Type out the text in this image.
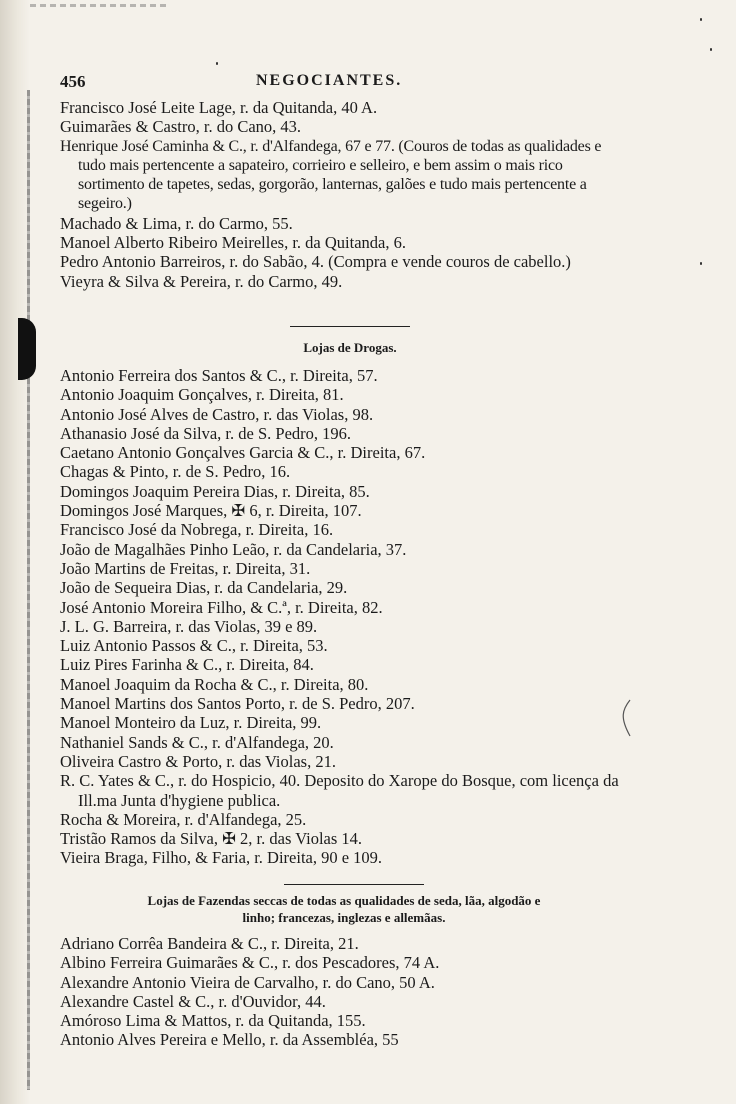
456	NEGOCIANTES.
Francisco José Leite Lage, r. da Quitanda, 40 A.
Guimarães & Castro, r. do Cano, 43.
Henrique José Caminha & C., r. d'Alfandega, 67 e 77. (Couros de todas as qualidades e tudo mais pertencente a sapateiro, corrieiro e selleiro, e bem assim o mais rico sortimento de tapetes, sedas, gorgorão, lanternas, galões e tudo mais pertencente a segeiro.)
Machado & Lima, r. do Carmo, 55.
Manoel Alberto Ribeiro Meirelles, r. da Quitanda, 6.
Pedro Antonio Barreiros, r. do Sabão, 4. (Compra e vende couros de cabello.)
Vieyra & Silva & Pereira, r. do Carmo, 49.
Lojas de Drogas.
Antonio Ferreira dos Santos & C., r. Direita, 57.
Antonio Joaquim Gonçalves, r. Direita, 81.
Antonio José Alves de Castro, r. das Violas, 98.
Athanasio José da Silva, r. de S. Pedro, 196.
Caetano Antonio Gonçalves Garcia & C., r. Direita, 67.
Chagas & Pinto, r. de S. Pedro, 16.
Domingos Joaquim Pereira Dias, r. Direita, 85.
Domingos José Marques, ✠ 6, r. Direita, 107.
Francisco José da Nobrega, r. Direita, 16.
João de Magalhães Pinho Leão, r. da Candelaria, 37.
João Martins de Freitas, r. Direita, 31.
João de Sequeira Dias, r. da Candelaria, 29.
José Antonio Moreira Filho, & C.ª, r. Direita, 82.
J. L. G. Barreira, r. das Violas, 39 e 89.
Luiz Antonio Passos & C., r. Direita, 53.
Luiz Pires Farinha & C., r. Direita, 84.
Manoel Joaquim da Rocha & C., r. Direita, 80.
Manoel Martins dos Santos Porto, r. de S. Pedro, 207.
Manoel Monteiro da Luz, r. Direita, 99.
Nathaniel Sands & C., r. d'Alfandega, 20.
Oliveira Castro & Porto, r. das Violas, 21.
R. C. Yates & C., r. do Hospicio, 40. Deposito do Xarope do Bosque, com licença da Ill.ma Junta d'hygiene publica.
Rocha & Moreira, r. d'Alfandega, 25.
Tristão Ramos da Silva, ✠ 2, r. das Violas 14.
Vieira Braga, Filho, & Faria, r. Direita, 90 e 109.
Lojas de Fazendas seccas de todas as qualidades de seda, lãa, algodão e
linho; francezas, inglezas e allemãas.
Adriano Corrêa Bandeira & C., r. Direita, 21.
Albino Ferreira Guimarães & C., r. dos Pescadores, 74 A.
Alexandre Antonio Vieira de Carvalho, r. do Cano, 50 A.
Alexandre Castel & C., r. d'Ouvidor, 44.
Amóroso Lima & Mattos, r. da Quitanda, 155.
Antonio Alves Pereira e Mello, r. da Assembléa, 55
